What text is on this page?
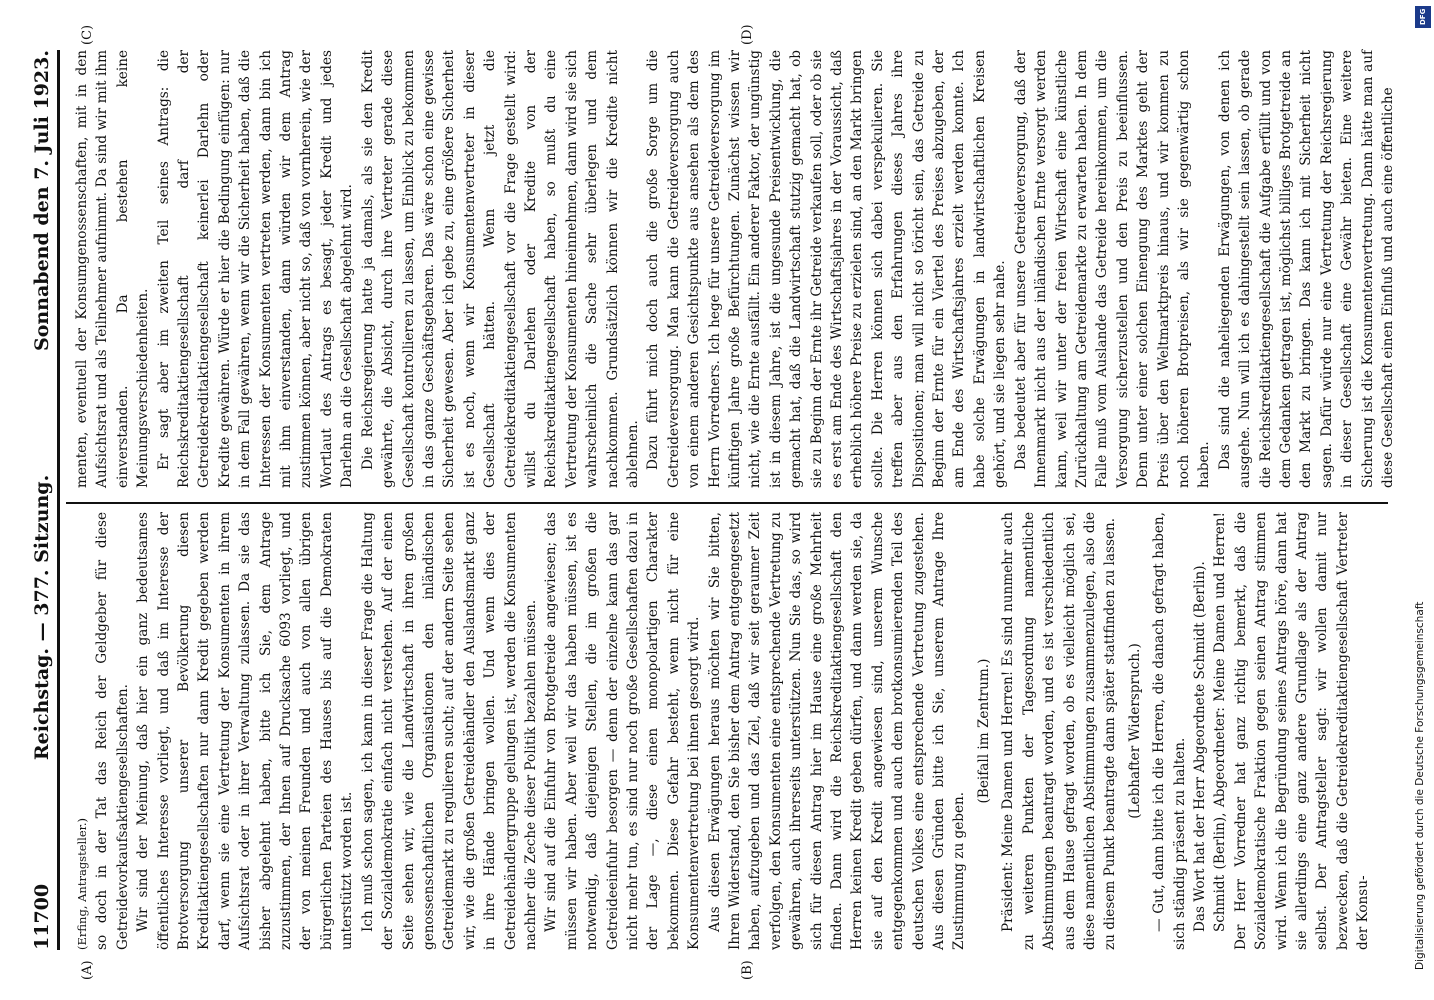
11700
Reichstag. — 377. Sitzung.
Sonnabend den 7. Juli 1923.
(A)	(B)
(C)	(D)

(Erfing, Antragsteller.) so doch in der Tat das Reich der Geldgeber für diese Getreidevorkaufsaktiengesellschaften. Wir sind der Meinung, daß hier ein ganz bedeutsames öffentliches Interesse vorliegt, und daß im Interesse der Brotversorgung unserer Bevölkerung diesen Kreditaktiengesellschaften nur dann Kredit gegeben werden darf, wenn sie eine Vertretung der Konsumenten in ihrem Aufsichtsrat oder in ihrer Verwaltung zulassen. Da sie das bisher abgelehnt haben, bitte ich Sie, dem Antrage zuzustimmen, der Ihnen auf Drucksache 6093 vorliegt, und der von meinen Freunden und auch von allen übrigen bürgerlichen Parteien des Hauses bis auf die Demokraten unterstützt worden ist. Ich muß schon sagen, ich kann in dieser Frage die Haltung der Sozialdemokratie einfach nicht verstehen. Auf der einen Seite sehen wir, wie die Landwirtschaft in ihren großen genossenschaftlichen Organisationen den inländischen Getreidemarkt zu regulieren sucht; auf der andern Seite sehen wir, wie die großen Getreidehändler den Auslandsmarkt ganz in ihre Hände bringen wollen. Und wenn dies der Getreidehändlergruppe gelungen ist, werden die Konsumenten nachher die Zeche dieser Politik bezahlen müssen. Wir sind auf die Einfuhr von Brotgetreide angewiesen; das müssen wir haben. Aber weil wir das haben müssen, ist es notwendig, daß diejenigen Stellen, die im großen die Getreideeinfuhr besorgen — denn der einzelne kann das gar nicht mehr tun, es sind nur noch große Gesellschaften dazu in der Lage —, diese einen monopolartigen Charakter bekommen. Diese Gefahr besteht, wenn nicht für eine Konsumentenvertretung bei ihnen gesorgt wird. Aus diesen Erwägungen heraus möchten wir Sie bitten, Ihren Widerstand, den Sie bisher dem Antrag entgegengesetzt haben, aufzugeben und das Ziel, daß wir seit geraumer Zeit verfolgen, den Konsumenten eine entsprechende Vertretung zu gewähren, auch ihrerseits unterstützen. Nun Sie das, so wird sich für diesen Antrag hier im Hause eine große Mehrheit finden. Dann wird die Reichskreditaktiengesellschaft den Herren keinen Kredit geben dürfen, und dann werden sie, da sie auf den Kredit angewiesen sind, unserem Wunsche entgegenkommen und auch dem brotkonsumierenden Teil des deutschen Volkes eine entsprechende Vertretung zugestehen. Aus diesen Gründen bitte ich Sie, unserem Antrage Ihre Zustimmung zu geben.

(Beifall im Zentrum.) Präsident: Meine Damen und Herren! Es sind nunmehr auch zu weiteren Punkten der Tagesordnung namentliche Abstimmungen beantragt worden, und es ist verschiedentlich aus dem Hause gefragt worden, ob es vielleicht möglich sei, diese namentlichen Abstimmungen zusammenzulegen, also die zu diesem Punkt beantragte dann später stattfinden zu lassen. (Lebhafter Widerspruch.) — Gut, dann bitte ich die Herren, die danach gefragt haben, sich ständig präsent zu halten. Das Wort hat der Herr Abgeordnete Schmidt (Berlin). Schmidt (Berlin), Abgeordneter: Meine Damen und Herren! Der Herr Vorredner hat ganz richtig bemerkt, daß die Sozialdemokratische Fraktion gegen seinen Antrag stimmen wird. Wenn ich die Begründung seines Antrags höre, dann hat sie allerdings eine ganz andere Grundlage als der Antrag selbst. Der Antragsteller sagt: wir wollen damit nur bezwecken, daß die Getreidekreditaktiengesellschaft Vertreter der Konsu-

menten, eventuell der Konsumgenossenschaften, mit in den Aufsichtsrat und als Teilnehmer aufnimmt. Da sind wir mit ihm einverstanden. Da bestehen keine Meinungsverschiedenheiten. Er sagt aber im zweiten Teil seines Antrags: die Reichskreditaktiengesellschaft darf der Getreidekreditaktiengesellschaft keinerlei Darlehn oder Kredite gewähren. Würde er hier die Bedingung einfügen: nur in dem Fall gewähren, wenn wir die Sicherheit haben, daß die Interessen der Konsumenten vertreten werden, dann bin ich mit ihm einverstanden, dann würden wir dem Antrag zustimmen können, aber nicht so, daß von vornherein, wie der Wortlaut des Antrags es besagt, jeder Kredit und jedes Darlehn an die Gesellschaft abgelehnt wird. Die Reichsregierung hatte ja damals, als sie den Kredit gewährte, die Absicht, durch ihre Vertreter gerade diese Gesellschaft kontrollieren zu lassen, um Einblick zu bekommen in das ganze Geschäftsgebaren. Das wäre schon eine gewisse Sicherheit gewesen. Aber ich gebe zu, eine größere Sicherheit ist es noch, wenn wir Konsumentenvertreter in dieser Gesellschaft hätten. Wenn jetzt die Getreidekreditaktiengesellschaft vor die Frage gestellt wird: willst du Darlehen oder Kredite von der Reichskreditaktiengesellschaft haben, so mußt du eine Vertretung der Konsumenten hineinnehmen, dann wird sie sich wahrscheinlich die Sache sehr überlegen und dem nachkommen. Grundsätzlich können wir die Kredite nicht ablehnen. Dazu führt mich doch auch die große Sorge um die Getreideversorgung. Man kann die Getreideversorgung auch von einem anderen Gesichtspunkte aus ansehen als dem des Herrn Vorredners. Ich hege für unsere Getreideversorgung im künftigen Jahre große Befürchtungen. Zunächst wissen wir nicht, wie die Ernte ausfällt. Ein anderer Faktor, der ungünstig ist in diesem Jahre, ist die ungesunde Preisentwicklung, die gemacht hat, daß die Landwirtschaft stutzig gemacht hat, ob sie zu Beginn der Ernte ihr Getreide verkaufen soll, oder ob sie es erst am Ende des Wirtschaftsjahres in der Voraussicht, daß erheblich höhere Preise zu erzielen sind, an den Markt bringen sollte. Die Herren können sich dabei verspekulieren. Sie treffen aber aus den Erfahrungen dieses Jahres ihre Dispositionen; man will nicht so töricht sein, das Getreide zu Beginn der Ernte für ein Viertel des Preises abzugeben, der am Ende des Wirtschaftsjahres erzielt werden konnte. Ich habe solche Erwägungen in landwirtschaftlichen Kreisen gehört, und sie liegen sehr nahe. Das bedeutet aber für unsere Getreideversorgung, daß der Innenmarkt nicht aus der inländischen Ernte versorgt werden kann, weil wir unter der freien Wirtschaft eine künstliche Zurückhaltung am Getreidemarkte zu erwarten haben. In dem Falle muß vom Auslande das Getreide hereinkommen, um die Versorgung sicherzustellen und den Preis zu beeinflussen. Denn unter einer solchen Einengung des Marktes geht der Preis über den Weltmarktpreis hinaus, und wir kommen zu noch höheren Brotpreisen, als wir sie gegenwärtig schon haben. Das sind die naheliegenden Erwägungen, von denen ich ausgehe. Nun will ich es dahingestellt sein lassen, ob gerade die Reichskreditaktiengesellschaft die Aufgabe erfüllt und von dem Gedanken getragen ist, möglichst billiges Brotgetreide an den Markt zu bringen. Das kann ich mit Sicherheit nicht sagen. Dafür würde nur eine Vertretung der Reichsregierung in dieser Gesellschaft eine Gewähr bieten. Eine weitere Sicherung ist die Konsumentenvertretung. Dann hätte man auf diese Gesellschaft einen Einfluß und auch eine öffentliche

DFG
Digitalisierung gefördert durch die Deutsche Forschungsgemeinschaft
